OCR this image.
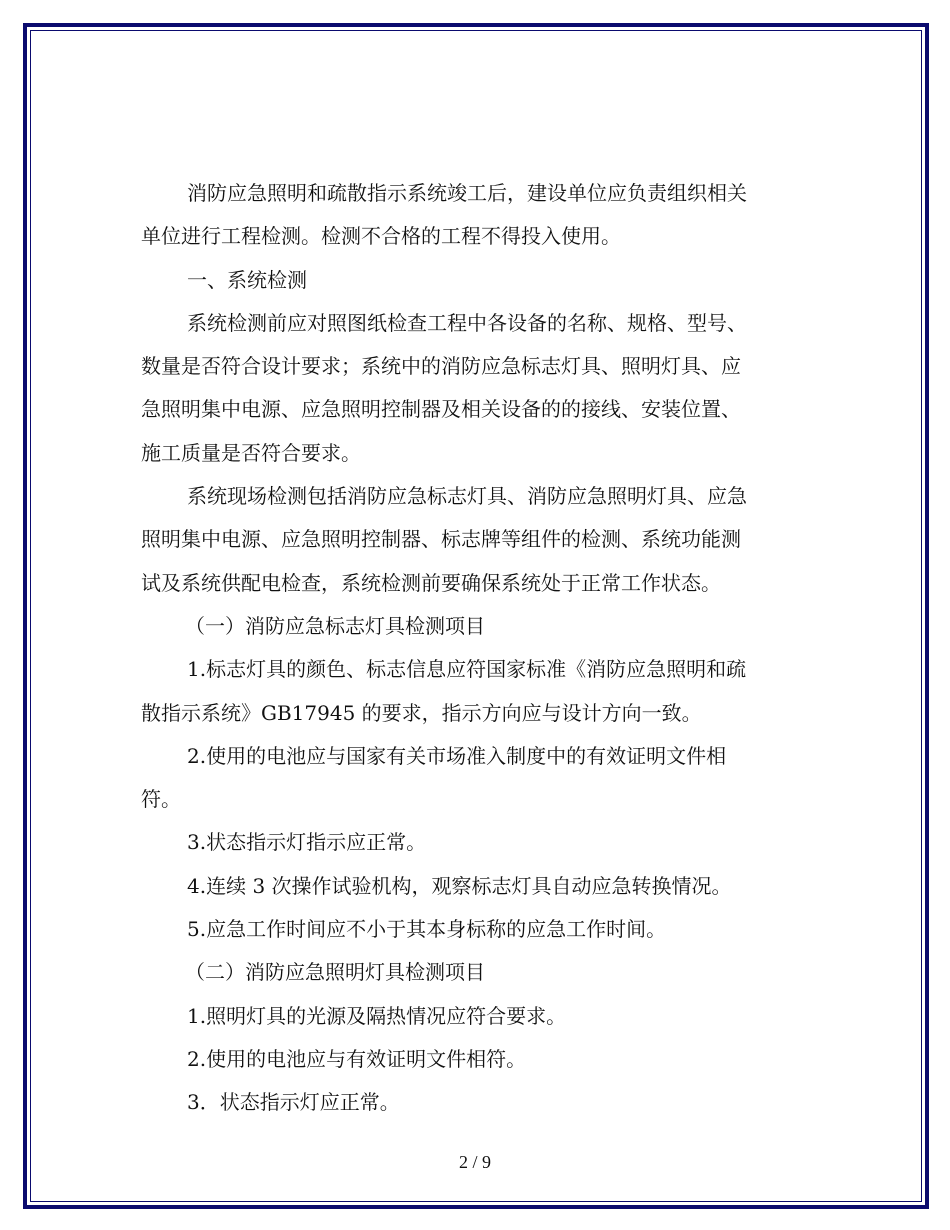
消防应急照明和疏散指示系统竣工后，建设单位应负责组织相关
单位进行工程检测。检测不合格的工程不得投入使用。
一、系统检测
系统检测前应对照图纸检查工程中各设备的名称、规格、型号、
数量是否符合设计要求；系统中的消防应急标志灯具、照明灯具、应
急照明集中电源、应急照明控制器及相关设备的的接线、安装位置、
施工质量是否符合要求。
系统现场检测包括消防应急标志灯具、消防应急照明灯具、应急
照明集中电源、应急照明控制器、标志牌等组件的检测、系统功能测
试及系统供配电检查，系统检测前要确保系统处于正常工作状态。
（一）消防应急标志灯具检测项目
1.标志灯具的颜色、标志信息应符国家标准《消防应急照明和疏
散指示系统》GB17945 的要求，指示方向应与设计方向一致。
2.使用的电池应与国家有关市场准入制度中的有效证明文件相
符。
3.状态指示灯指示应正常。
4.连续 3 次操作试验机构，观察标志灯具自动应急转换情况。
5.应急工作时间应不小于其本身标称的应急工作时间。
（二）消防应急照明灯具检测项目
1.照明灯具的光源及隔热情况应符合要求。
2.使用的电池应与有效证明文件相符。
3．状态指示灯应正常。
2 / 9
